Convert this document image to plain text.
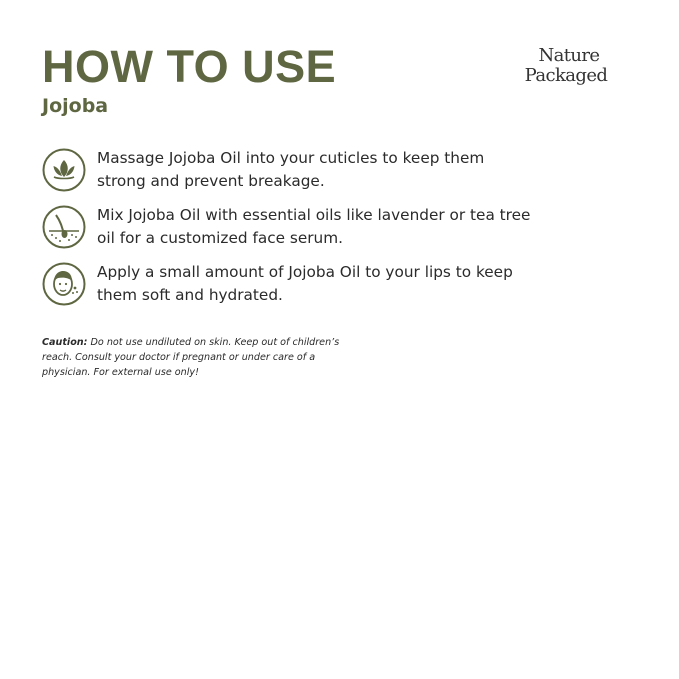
HOW TO USE
Jojoba
Nature
Packaged

Massage Jojoba Oil into your cuticles to keep them strong and prevent breakage.

Mix Jojoba Oil with essential oils like lavender or tea tree oil for a customized face serum.

Apply a small amount of Jojoba Oil to your lips to keep them soft and hydrated.

Caution: Do not use undiluted on skin. Keep out of children’s reach. Consult your doctor if pregnant or under care of a physician. For external use only!
